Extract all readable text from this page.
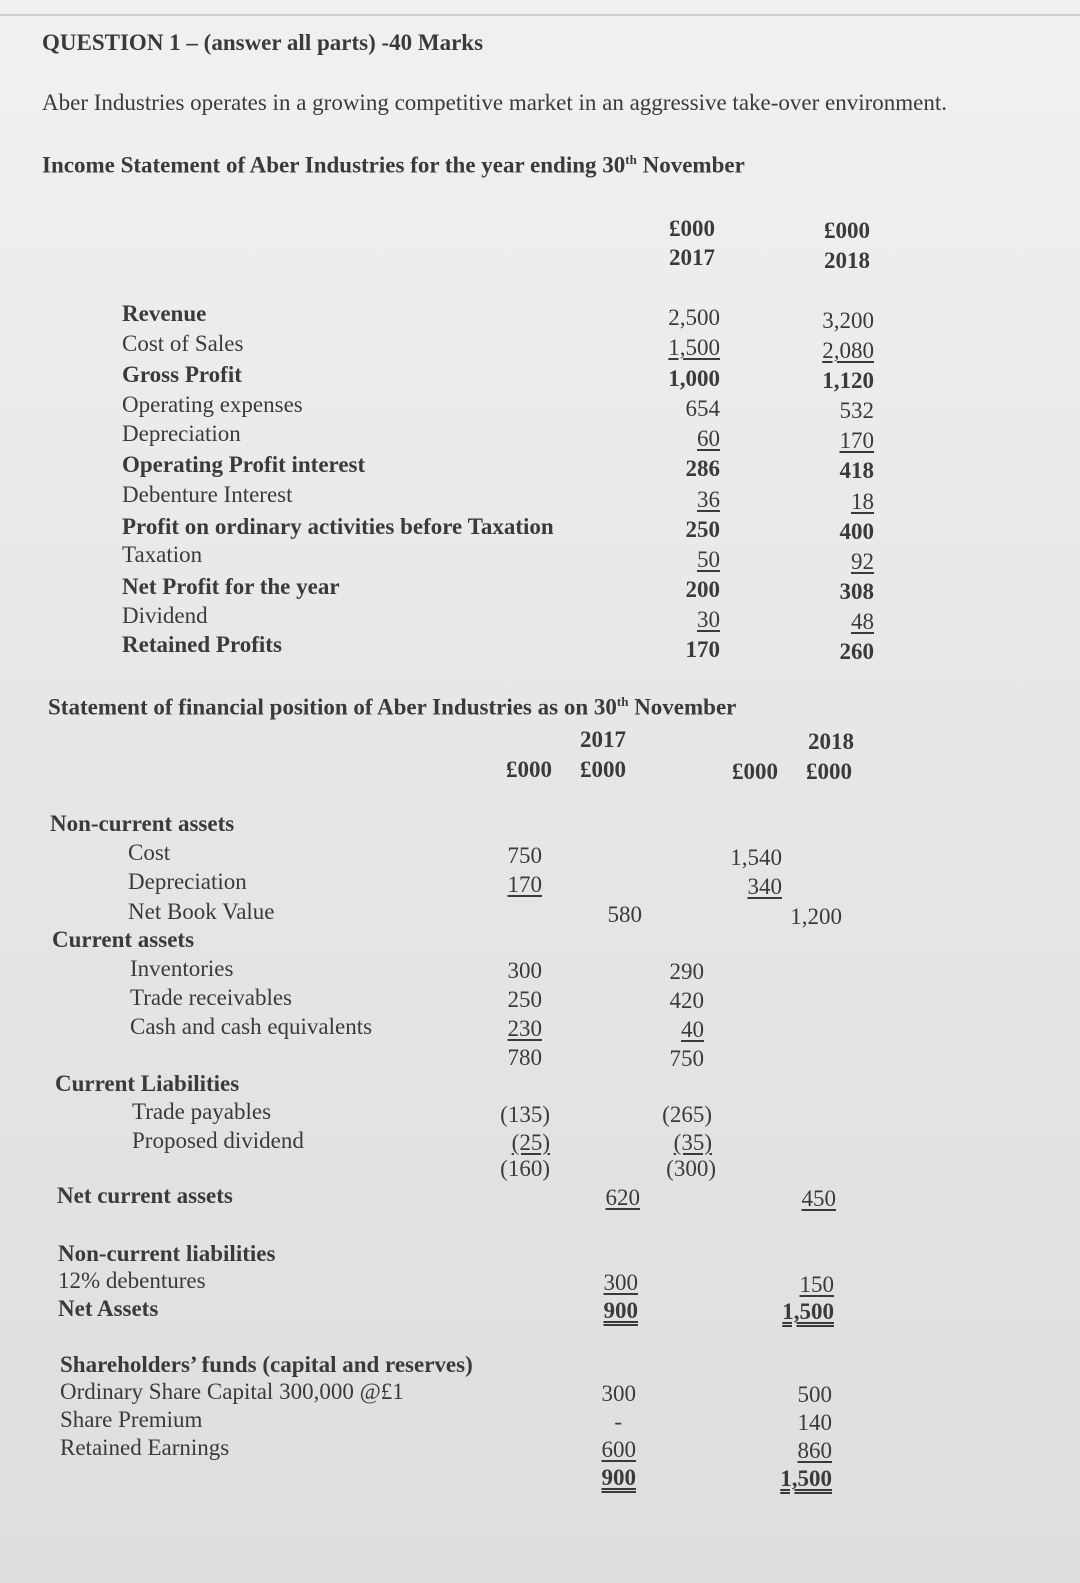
QUESTION 1 – (answer all parts) -40 Marks
Aber Industries operates in a growing competitive market in an aggressive take-over environment.
Income Statement of Aber Industries for the year ending 30th November
£000
2017
£000
2018
Revenue	2,500	3,200
Cost of Sales	1,500	2,080
Gross Profit	1,000	1,120
Operating expenses	654	532
Depreciation	60	170
Operating Profit interest	286	418
Debenture Interest	36	18
Profit on ordinary activities before Taxation	250	400
Taxation	50	92
Net Profit for the year	200	308
Dividend	30	48
Retained Profits	170	260
Statement of financial position of Aber Industries as on 30th November
2017	2018
£000 £000	£000 £000
Non-current assets
Cost	750	1,540
Depreciation	170	340
Net Book Value	580	1,200
Current assets
Inventories	300	290
Trade receivables	250	420
Cash and cash equivalents	230	40
780	750
Current Liabilities
Trade payables	(135)	(265)
Proposed dividend	(25)	(35)
(160)	(300)
Net current assets	620	450
Non-current liabilities
12% debentures	300	150
Net Assets	900	1,500
Shareholders’ funds (capital and reserves)
Ordinary Share Capital 300,000 @£1	300	500
Share Premium	-	140
Retained Earnings	600	860
900	1,500
